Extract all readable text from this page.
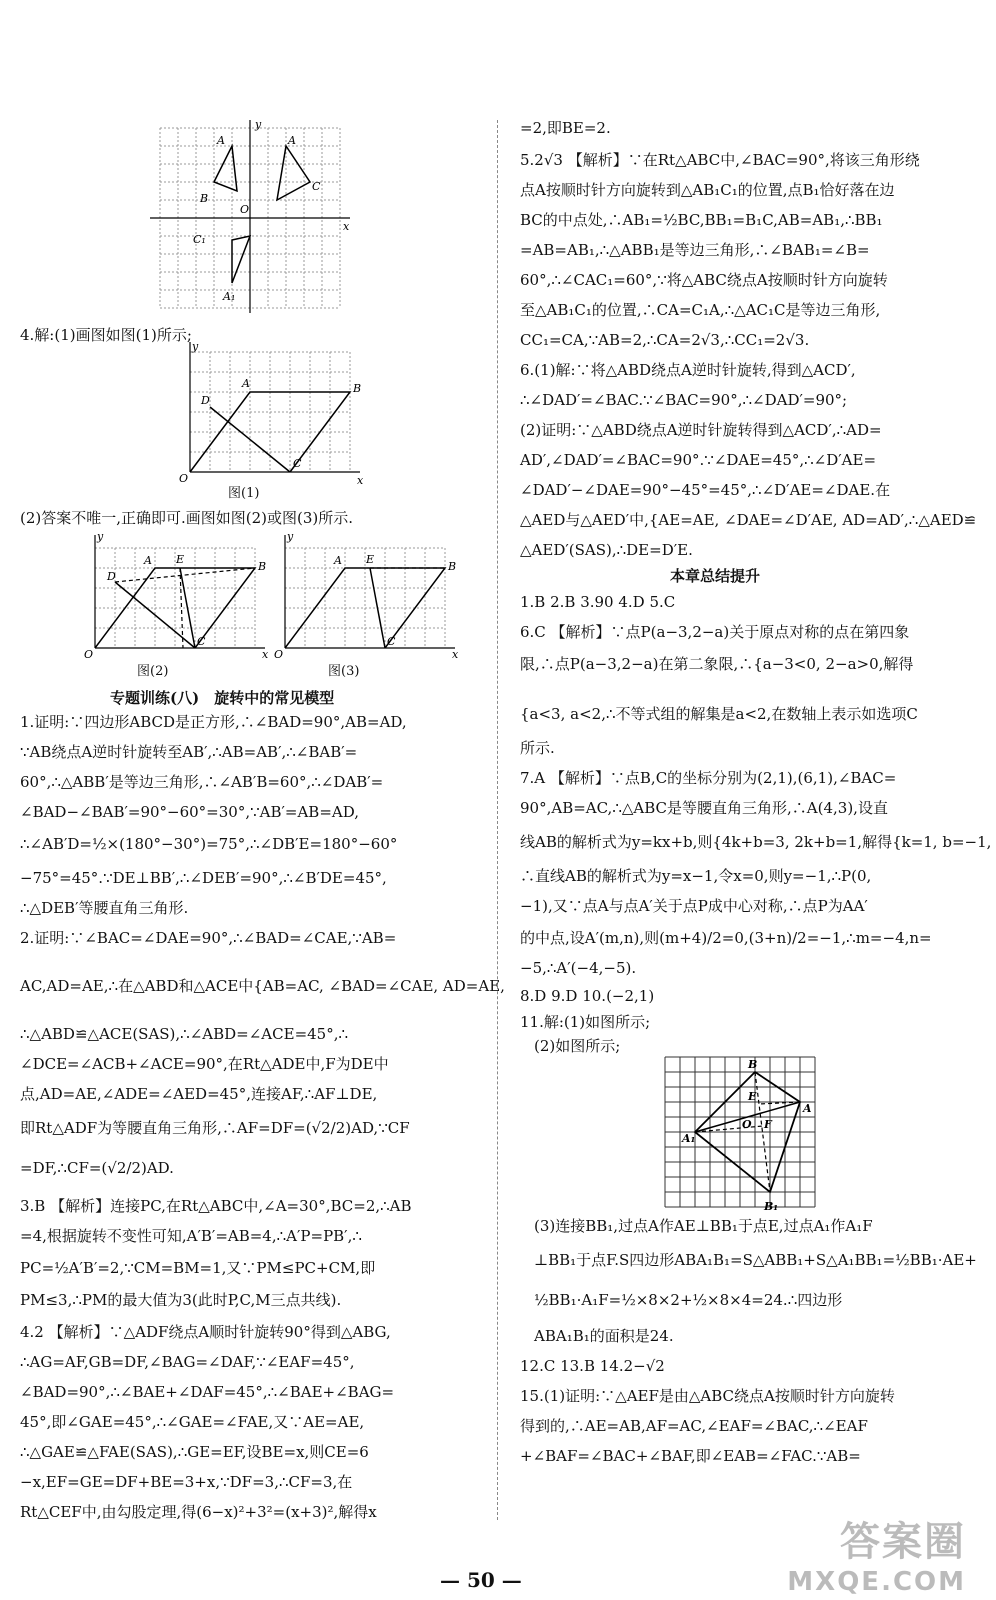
A	A
B
C
A₁
C₁
O
x
y
4.解:(1)画图如图(1)所示;
A	B
D
C
O	x
y
图(1)
(2)答案不唯一,正确即可.画图如图(2)或图(3)所示.
A E
B
D
C
O	x
y
图(2)
A E
B
C
O	x
y
图(3)
专题训练(八)　旋转中的常见模型
1.证明:∵四边形ABCD是正方形,∴∠BAD=90°,AB=AD,
∵AB绕点A逆时针旋转至AB′,∴AB=AB′,∴∠BAB′=
60°,∴△ABB′是等边三角形,∴∠AB′B=60°,∴∠DAB′=
∠BAD−∠BAB′=90°−60°=30°,∵AB′=AB=AD,
∴∠AB′D=½×(180°−30°)=75°,∴∠DB′E=180°−60°
−75°=45°.∵DE⊥BB′,∴∠DEB′=90°,∴∠B′DE=45°,
∴△DEB′等腰直角三角形.
2.证明:∵∠BAC=∠DAE=90°,∴∠BAD=∠CAE,∵AB=
AC,AD=AE,∴在△ABD和△ACE中{AB=AC, ∠BAD=∠CAE, AD=AE,
∴△ABD≌△ACE(SAS),∴∠ABD=∠ACE=45°,∴
∠DCE=∠ACB+∠ACE=90°,在Rt△ADE中,F为DE中
点,AD=AE,∠ADE=∠AED=45°,连接AF,∴AF⊥DE,
即Rt△ADF为等腰直角三角形,∴AF=DF=(√2/2)AD,∵CF
=DF,∴CF=(√2/2)AD.
3.B 【解析】连接PC,在Rt△ABC中,∠A=30°,BC=2,∴AB
=4,根据旋转不变性可知,A′B′=AB=4,∴A′P=PB′,∴
PC=½A′B′=2,∵CM=BM=1,又∵PM≤PC+CM,即
PM≤3,∴PM的最大值为3(此时P,C,M三点共线).
4.2 【解析】∵△ADF绕点A顺时针旋转90°得到△ABG,
∴AG=AF,GB=DF,∠BAG=∠DAF,∵∠EAF=45°,
∠BAD=90°,∴∠BAE+∠DAF=45°,∴∠BAE+∠BAG=
45°,即∠GAE=45°,∴∠GAE=∠FAE,又∵AE=AE,
∴△GAE≌△FAE(SAS),∴GE=EF,设BE=x,则CE=6
−x,EF=GE=DF+BE=3+x,∵DF=3,∴CF=3,在
Rt△CEF中,由勾股定理,得(6−x)²+3²=(x+3)²,解得x
=2,即BE=2.
5.2√3 【解析】∵在Rt△ABC中,∠BAC=90°,将该三角形绕
点A按顺时针方向旋转到△AB₁C₁的位置,点B₁恰好落在边
BC的中点处,∴AB₁=½BC,BB₁=B₁C,AB=AB₁,∴BB₁
=AB=AB₁,∴△ABB₁是等边三角形,∴∠BAB₁=∠B=
60°,∴∠CAC₁=60°,∵将△ABC绕点A按顺时针方向旋转
至△AB₁C₁的位置,∴CA=C₁A,∴△AC₁C是等边三角形,
CC₁=CA,∵AB=2,∴CA=2√3,∴CC₁=2√3.
6.(1)解:∵将△ABD绕点A逆时针旋转,得到△ACD′,
∴∠DAD′=∠BAC.∵∠BAC=90°,∴∠DAD′=90°;
(2)证明:∵△ABD绕点A逆时针旋转得到△ACD′,∴AD=
AD′,∠DAD′=∠BAC=90°.∵∠DAE=45°,∴∠D′AE=
∠DAD′−∠DAE=90°−45°=45°,∴∠D′AE=∠DAE.在
△AED与△AED′中,{AE=AE, ∠DAE=∠D′AE, AD=AD′,∴△AED≌
△AED′(SAS),∴DE=D′E.
本章总结提升
1.B 2.B 3.90 4.D 5.C
6.C 【解析】∵点P(a−3,2−a)关于原点对称的点在第四象
限,∴点P(a−3,2−a)在第二象限,∴{a−3<0, 2−a>0,解得
{a<3, a<2,∴不等式组的解集是a<2,在数轴上表示如选项C
所示.
7.A 【解析】∵点B,C的坐标分别为(2,1),(6,1),∠BAC=
90°,AB=AC,∴△ABC是等腰直角三角形,∴A(4,3),设直
线AB的解析式为y=kx+b,则{4k+b=3, 2k+b=1,解得{k=1, b=−1,
∴直线AB的解析式为y=x−1,令x=0,则y=−1,∴P(0,
−1),又∵点A与点A′关于点P成中心对称,∴点P为AA′
的中点,设A′(m,n),则(m+4)/2=0,(3+n)/2=−1,∴m=−4,n=
−5,∴A′(−4,−5).
8.D 9.D 10.(−2,1)
11.解:(1)如图所示;
(2)如图所示;
B
A
B₁
A₁
E
F
O
(3)连接BB₁,过点A作AE⊥BB₁于点E,过点A₁作A₁F
⊥BB₁于点F.S四边形ABA₁B₁=S△ABB₁+S△A₁BB₁=½BB₁·AE+
½BB₁·A₁F=½×8×2+½×8×4=24.∴四边形
ABA₁B₁的面积是24.
12.C 13.B 14.2−√2
15.(1)证明:∵△AEF是由△ABC绕点A按顺时针方向旋转
得到的,∴AE=AB,AF=AC,∠EAF=∠BAC,∴∠EAF
+∠BAF=∠BAC+∠BAF,即∠EAB=∠FAC.∵AB=
— 50 —
答案圈
MXQE.COM
